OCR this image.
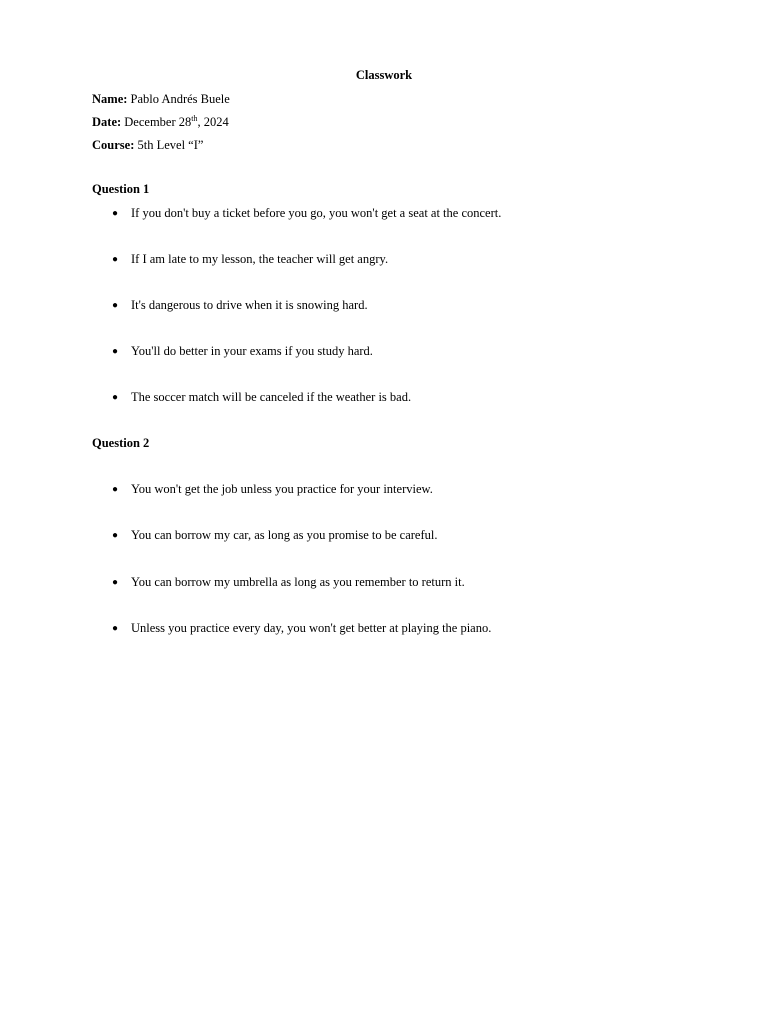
Classwork
Name: Pablo Andrés Buele
Date: December 28th, 2024
Course: 5th Level “I”
Question 1
● If you don't buy a ticket before you go, you won't get a seat at the concert.
● If I am late to my lesson, the teacher will get angry.
● It's dangerous to drive when it is snowing hard.
● You'll do better in your exams if you study hard.
● The soccer match will be canceled if the weather is bad.
Question 2
● You won't get the job unless you practice for your interview.
● You can borrow my car, as long as you promise to be careful.
● You can borrow my umbrella as long as you remember to return it.
● Unless you practice every day, you won't get better at playing the piano.
